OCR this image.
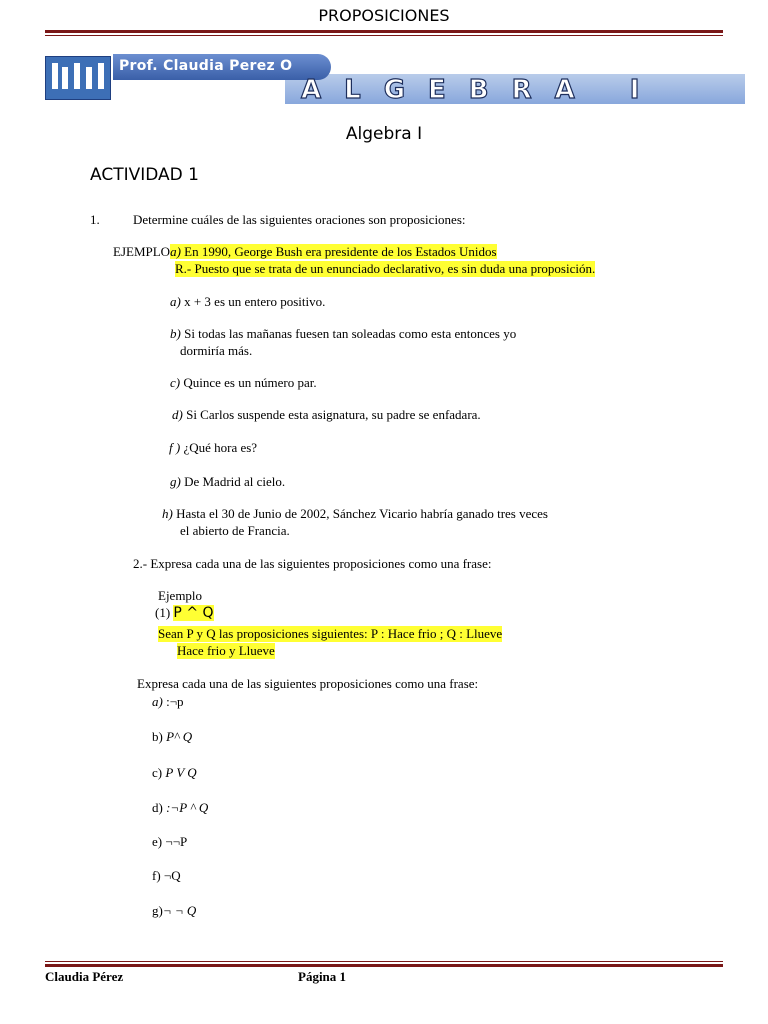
PROPOSICIONES
Prof. Claudia Perez O
ALGEBRA I
Algebra I
ACTIVIDAD 1
1.	Determine cuáles de las siguientes oraciones son proposiciones:
EJEMPLOa) En 1990, George Bush era presidente de los Estados Unidos
R.- Puesto que se trata de un enunciado declarativo, es sin duda una proposición.
a) x + 3 es un entero positivo.
b) Si todas las mañanas fuesen tan soleadas como esta entonces yo
dormiría más.
c) Quince es un número par.
d) Si Carlos suspende esta asignatura, su padre se enfadara.
f ) ¿Qué hora es?
g) De Madrid al cielo.
h) Hasta el 30 de Junio de 2002, Sánchez Vicario habría ganado tres veces
el abierto de Francia.
2.- Expresa cada una de las siguientes proposiciones como una frase:
Ejemplo
(1) P ^ Q
Sean P y Q las proposiciones siguientes: P : Hace frio ; Q : Llueve
Hace frio y Llueve
Expresa cada una de las siguientes proposiciones como una frase:
a) :¬p
b) P^ Q
c) P V Q
d) :¬P ^ Q
e) ¬¬P
f) ¬Q
g)¬ ¬ Q
Claudia Pérez	Página 1
